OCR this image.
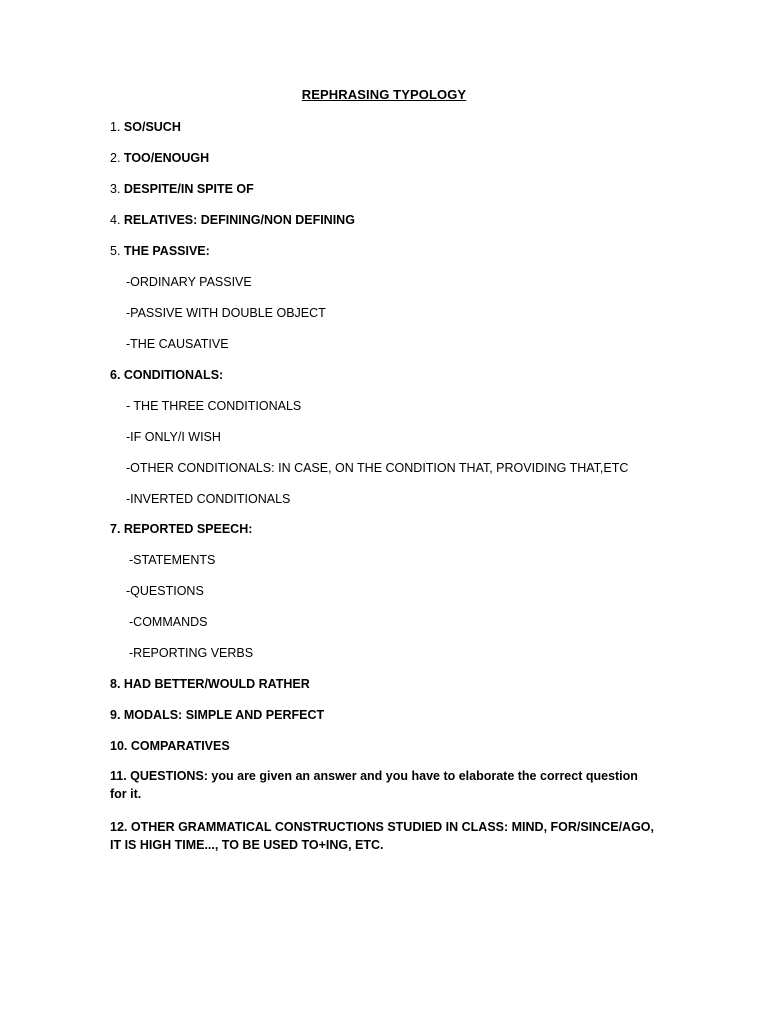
REPHRASING TYPOLOGY
1. SO/SUCH
2. TOO/ENOUGH
3. DESPITE/IN SPITE OF
4. RELATIVES: DEFINING/NON DEFINING
5. THE PASSIVE:
-ORDINARY PASSIVE
-PASSIVE WITH DOUBLE OBJECT
-THE CAUSATIVE
6. CONDITIONALS:
- THE THREE CONDITIONALS
-IF ONLY/I WISH
-OTHER CONDITIONALS: IN CASE, ON THE CONDITION THAT, PROVIDING THAT,ETC
-INVERTED CONDITIONALS
7. REPORTED SPEECH:
-STATEMENTS
-QUESTIONS
-COMMANDS
-REPORTING VERBS
8. HAD BETTER/WOULD RATHER
9. MODALS: SIMPLE AND PERFECT
10. COMPARATIVES
11. QUESTIONS: you are given an answer and you have to elaborate the correct question for it.
12. OTHER GRAMMATICAL CONSTRUCTIONS STUDIED IN CLASS: MIND, FOR/SINCE/AGO, IT IS HIGH TIME..., TO BE USED TO+ING, ETC.
